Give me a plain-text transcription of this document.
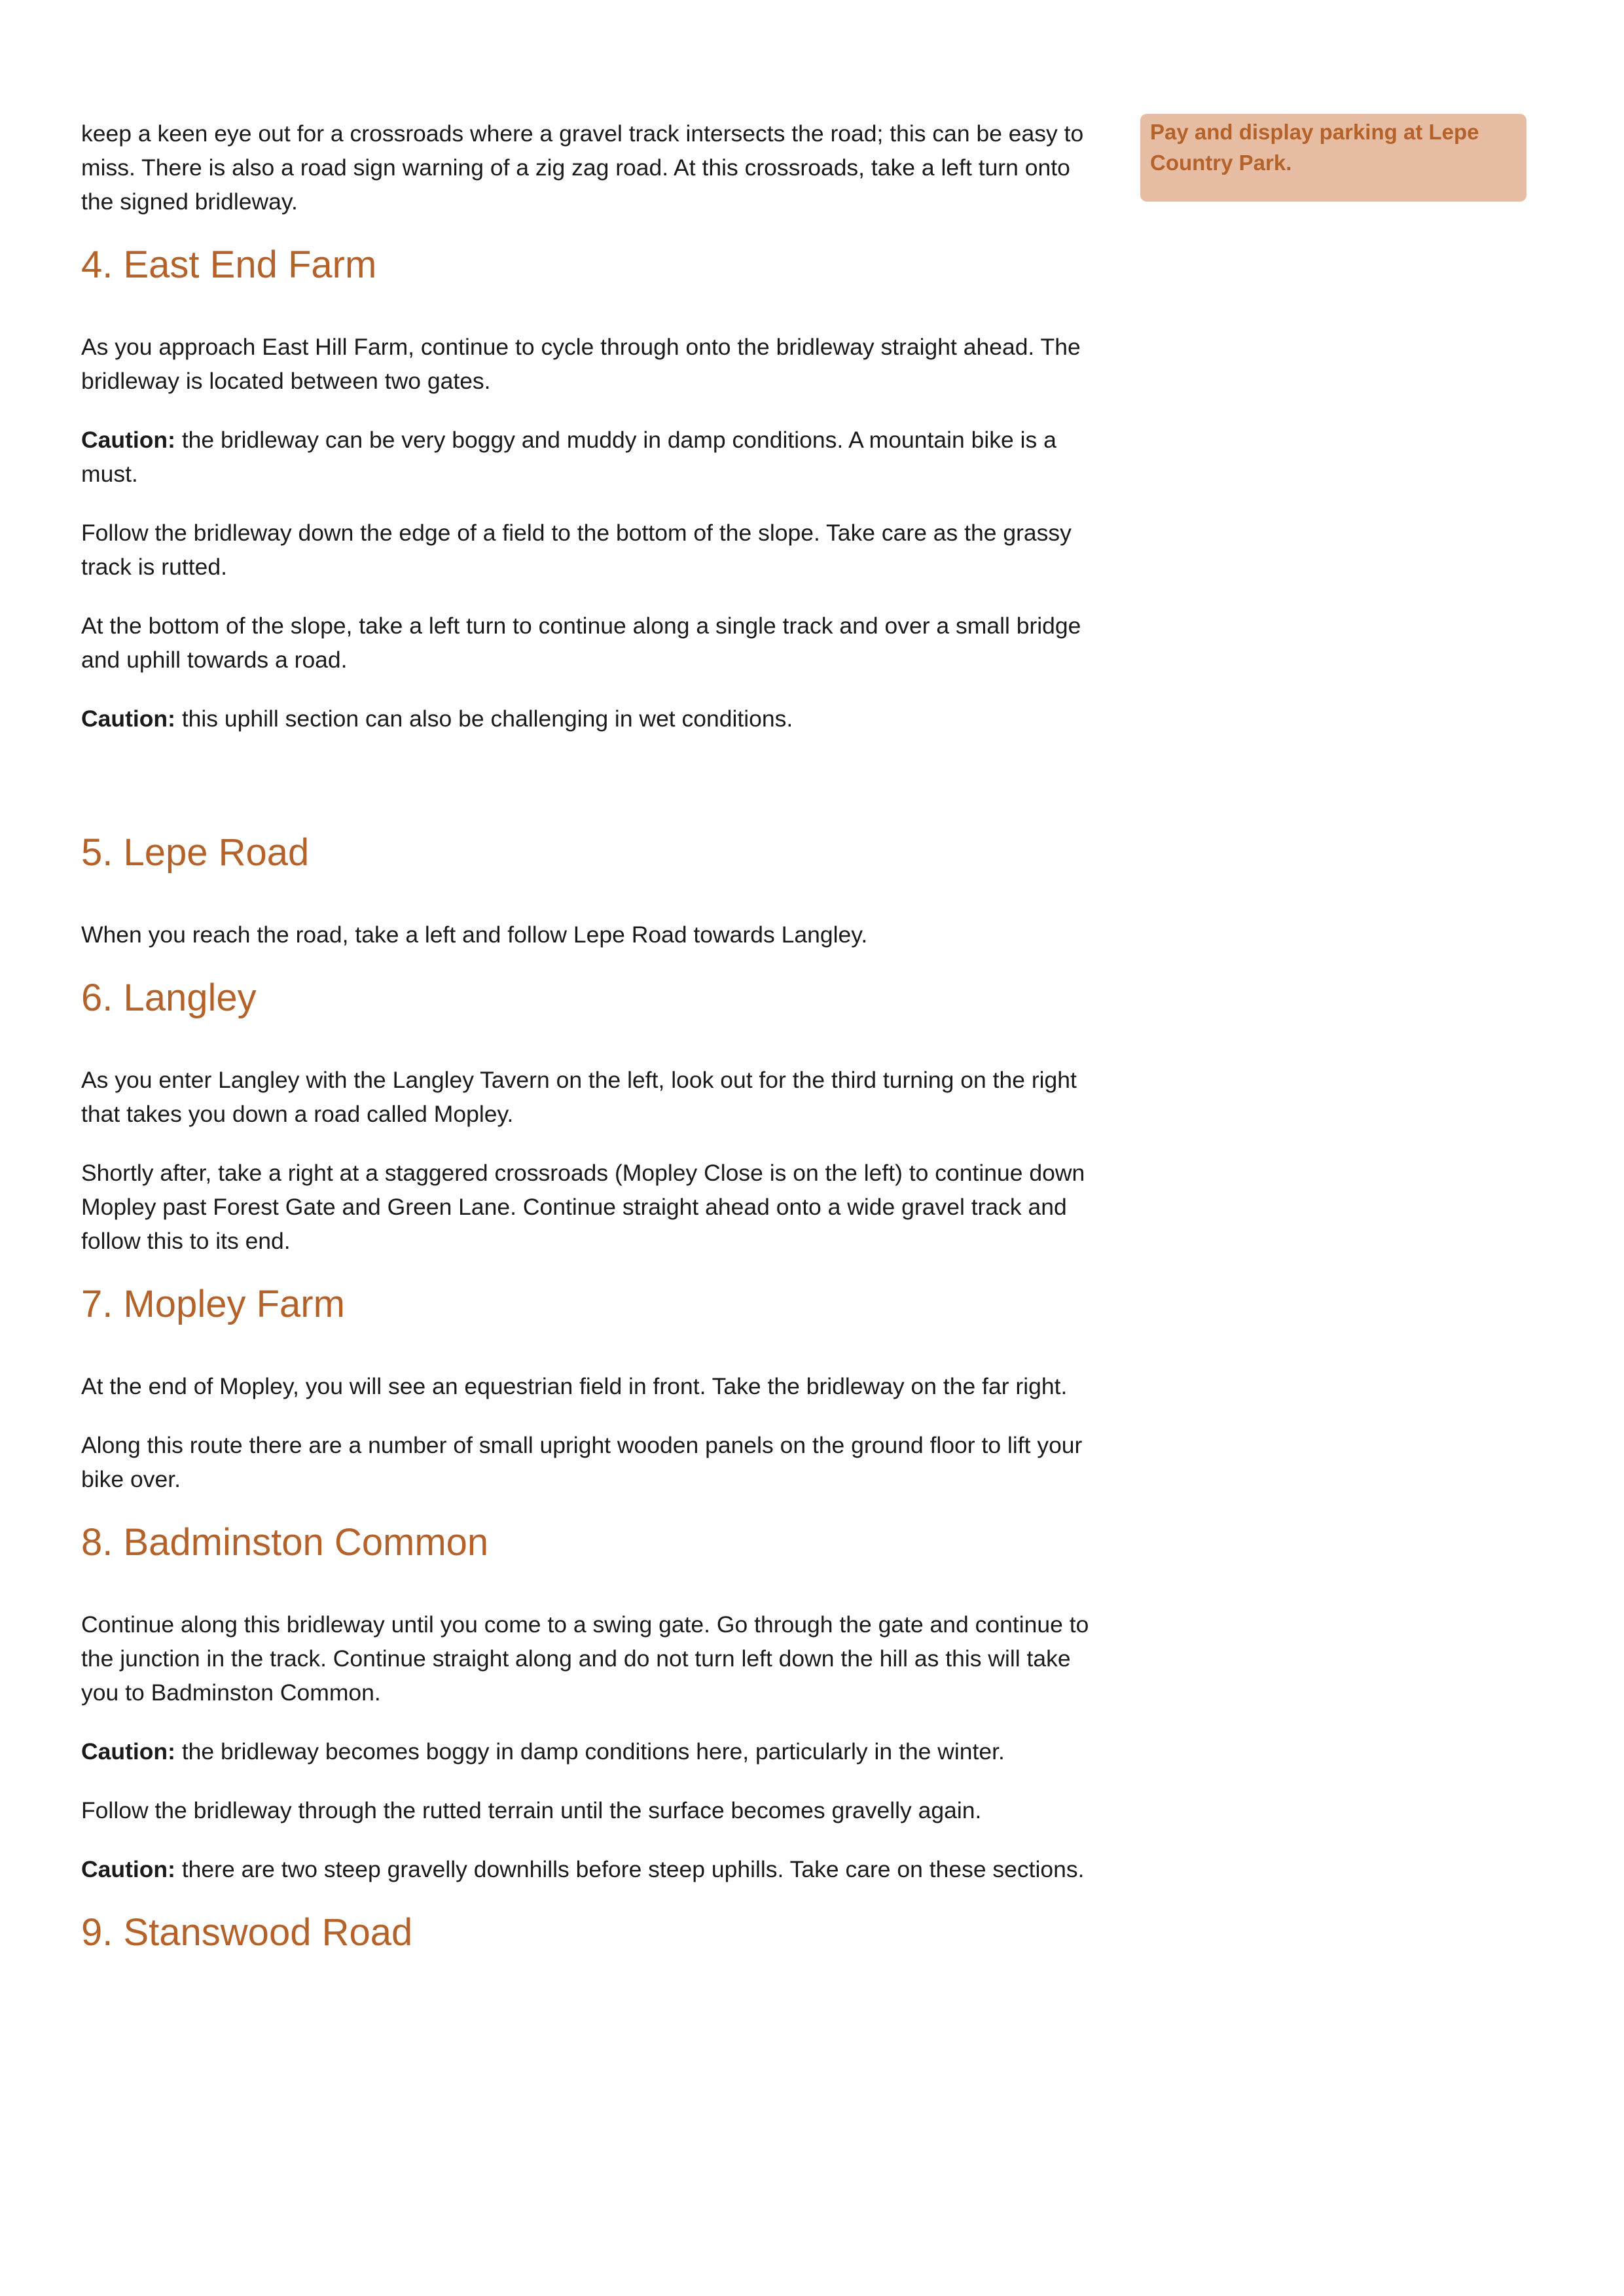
Pay and display parking at Lepe Country Park.

keep a keen eye out for a crossroads where a gravel track intersects the road; this can be easy to miss. There is also a road sign warning of a zig zag road. At this crossroads, take a left turn onto the signed bridleway.

4. East End Farm

As you approach East Hill Farm, continue to cycle through onto the bridleway straight ahead. The bridleway is located between two gates.

Caution: the bridleway can be very boggy and muddy in damp conditions. A mountain bike is a must.

Follow the bridleway down the edge of a field to the bottom of the slope. Take care as the grassy track is rutted.

At the bottom of the slope, take a left turn to continue along a single track and over a small bridge and uphill towards a road.

Caution: this uphill section can also be challenging in wet conditions.

5. Lepe Road

When you reach the road, take a left and follow Lepe Road towards Langley.

6. Langley

As you enter Langley with the Langley Tavern on the left, look out for the third turning on the right that takes you down a road called Mopley.

Shortly after, take a right at a staggered crossroads (Mopley Close is on the left) to continue down Mopley past Forest Gate and Green Lane. Continue straight ahead onto a wide gravel track and follow this to its end.

7. Mopley Farm

At the end of Mopley, you will see an equestrian field in front. Take the bridleway on the far right.

Along this route there are a number of small upright wooden panels on the ground floor to lift your bike over.

8. Badminston Common

Continue along this bridleway until you come to a swing gate. Go through the gate and continue to the junction in the track. Continue straight along and do not turn left down the hill as this will take you to Badminston Common.

Caution: the bridleway becomes boggy in damp conditions here, particularly in the winter.

Follow the bridleway through the rutted terrain until the surface becomes gravelly again.

Caution: there are two steep gravelly downhills before steep uphills. Take care on these sections.

9. Stanswood Road
